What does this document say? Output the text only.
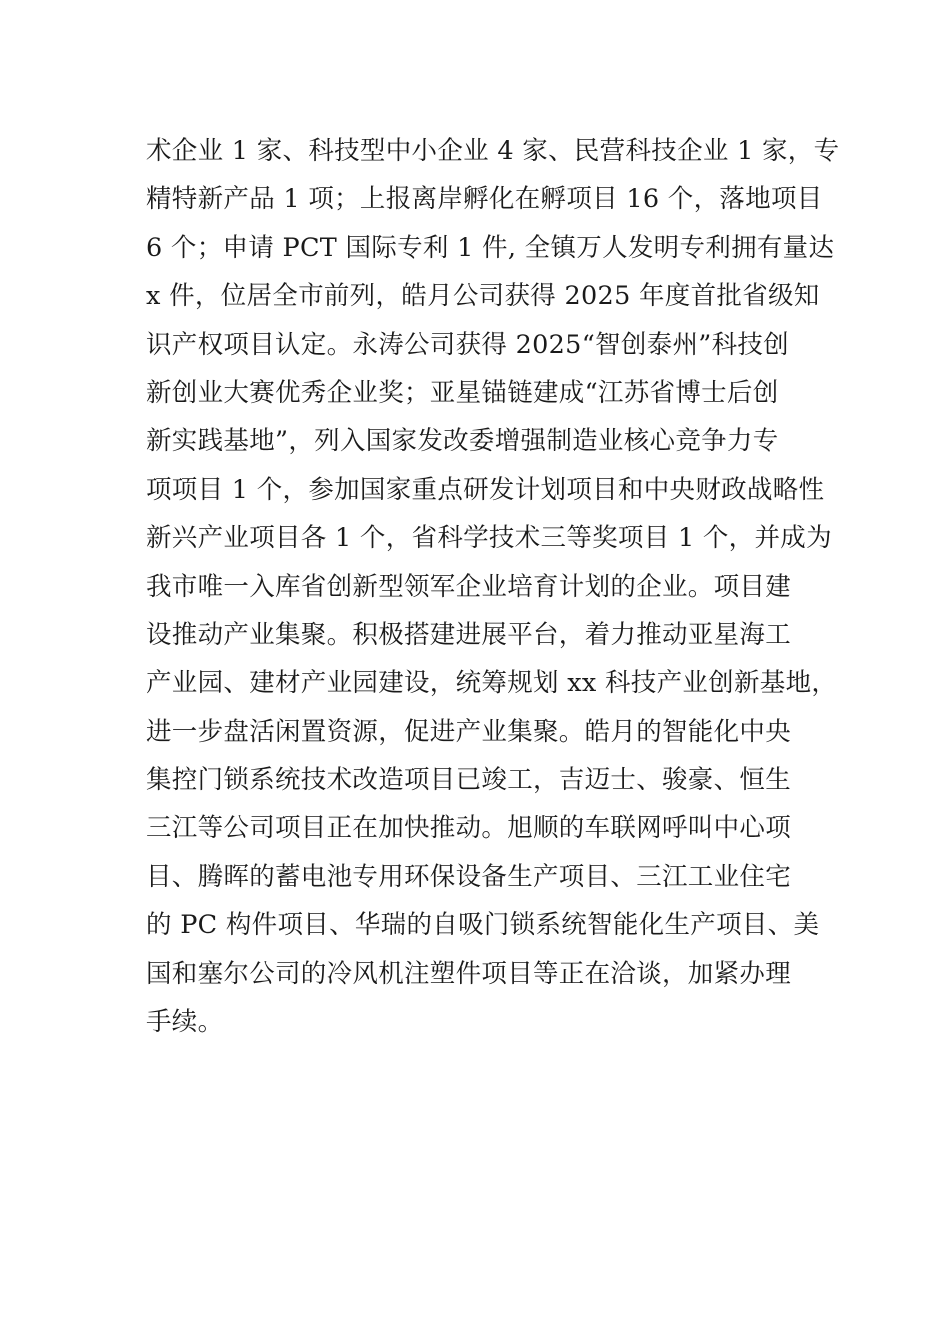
术企业 1 家、科技型中小企业 4 家、民营科技企业 1 家，专
精特新产品 1 项；上报离岸孵化在孵项目 16 个，落地项目
6 个；申请 PCT 国际专利 1 件, 全镇万人发明专利拥有量达
x 件，位居全市前列，皓月公司获得 2025 年度首批省级知
识产权项目认定。永涛公司获得 2025“智创泰州”科技创
新创业大赛优秀企业奖；亚星锚链建成“江苏省博士后创
新实践基地”，列入国家发改委增强制造业核心竞争力专
项项目 1 个，参加国家重点研发计划项目和中央财政战略性
新兴产业项目各 1 个，省科学技术三等奖项目 1 个，并成为
我市唯一入库省创新型领军企业培育计划的企业。项目建
设推动产业集聚。积极搭建进展平台，着力推动亚星海工
产业园、建材产业园建设，统筹规划 xx 科技产业创新基地，
进一步盘活闲置资源，促进产业集聚。皓月的智能化中央
集控门锁系统技术改造项目已竣工，吉迈士、骏豪、恒生
三江等公司项目正在加快推动。旭顺的车联网呼叫中心项
目、腾晖的蓄电池专用环保设备生产项目、三江工业住宅
的 PC 构件项目、华瑞的自吸门锁系统智能化生产项目、美
国和塞尔公司的冷风机注塑件项目等正在洽谈，加紧办理
手续。
